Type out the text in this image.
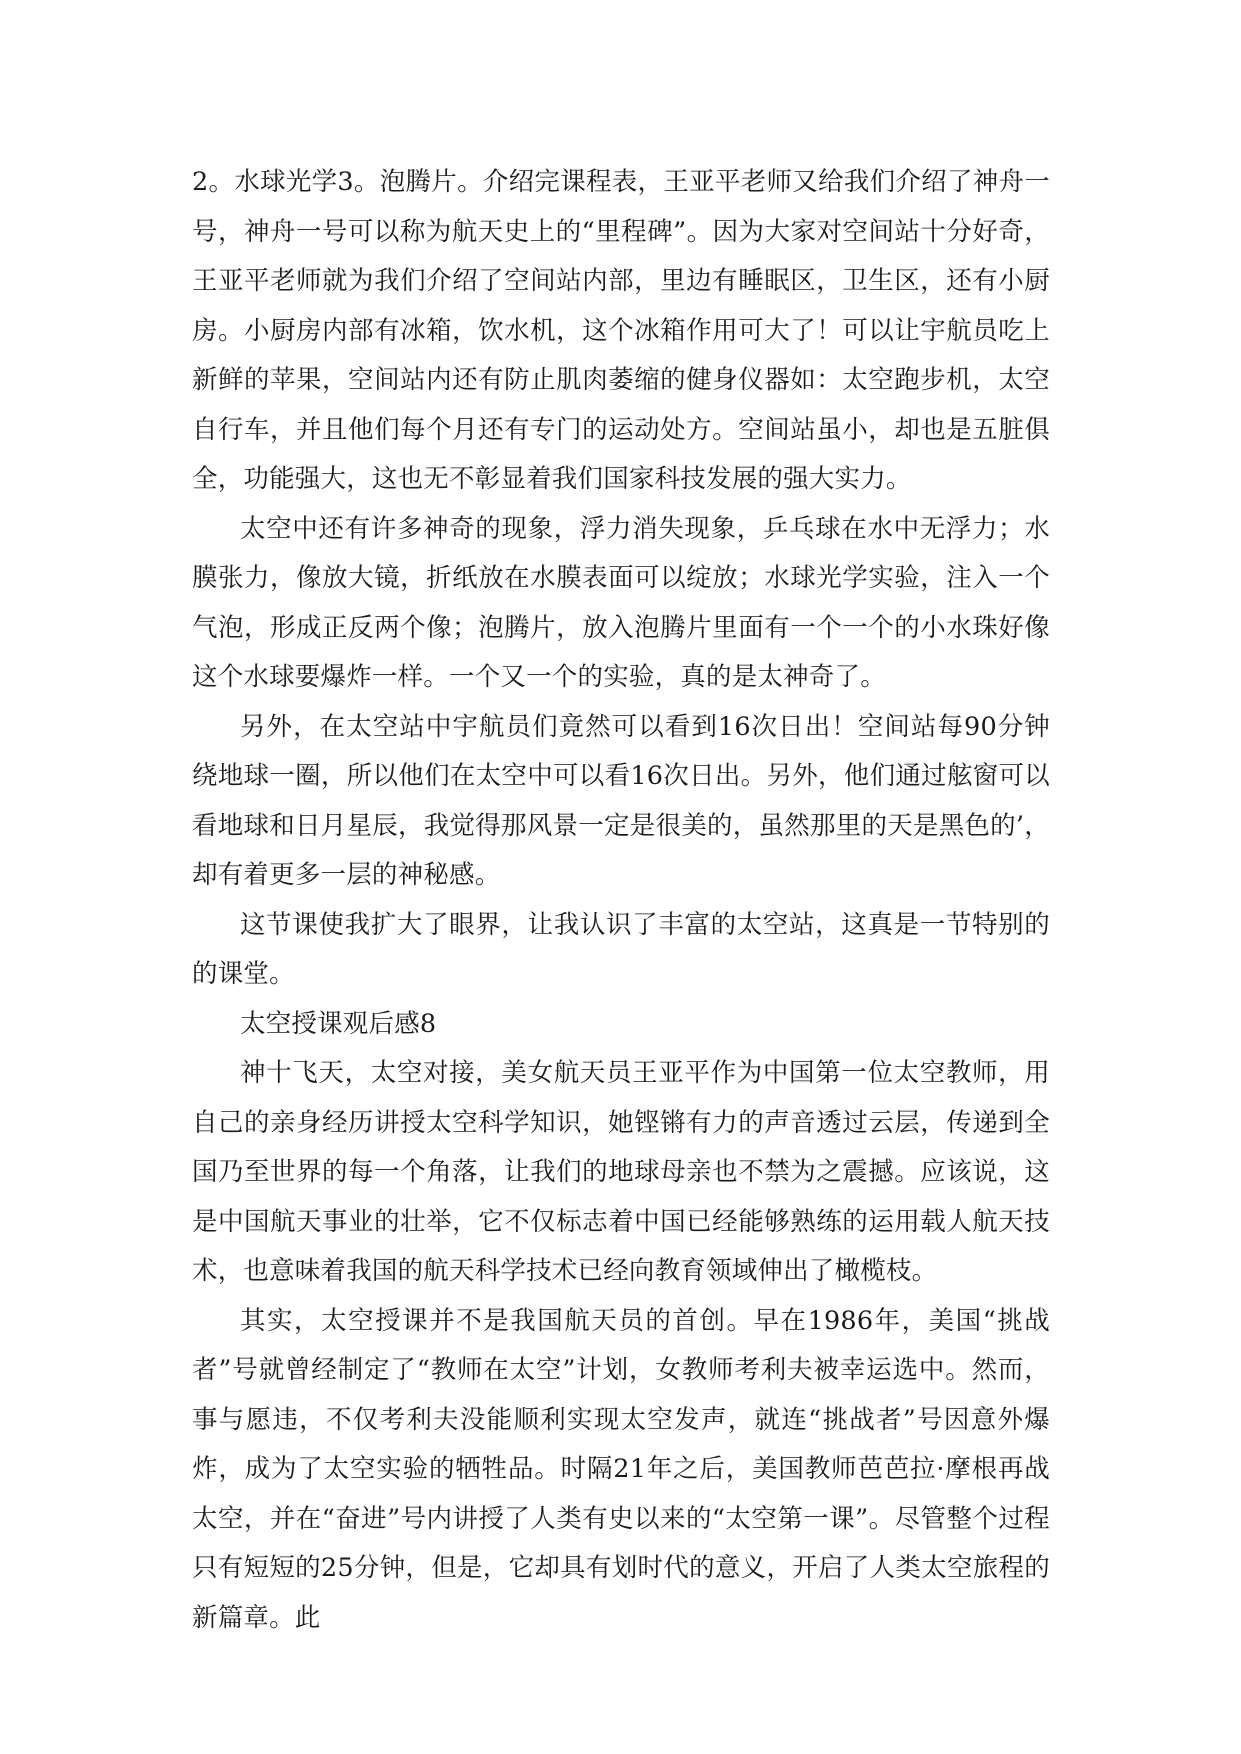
2。水球光学3。泡腾片。介绍完课程表，王亚平老师又给我们介绍了神舟一号，神舟一号可以称为航天史上的“里程碑”。因为大家对空间站十分好奇，王亚平老师就为我们介绍了空间站内部，里边有睡眠区，卫生区，还有小厨房。小厨房内部有冰箱，饮水机，这个冰箱作用可大了！可以让宇航员吃上新鲜的苹果，空间站内还有防止肌肉萎缩的健身仪器如：太空跑步机，太空自行车，并且他们每个月还有专门的运动处方。空间站虽小，却也是五脏俱全，功能强大，这也无不彰显着我们国家科技发展的强大实力。

太空中还有许多神奇的现象，浮力消失现象，乒乓球在水中无浮力；水膜张力，像放大镜，折纸放在水膜表面可以绽放；水球光学实验，注入一个气泡，形成正反两个像；泡腾片，放入泡腾片里面有一个一个的小水珠好像这个水球要爆炸一样。一个又一个的实验，真的是太神奇了。

另外，在太空站中宇航员们竟然可以看到16次日出！空间站每90分钟绕地球一圈，所以他们在太空中可以看16次日出。另外，他们通过舷窗可以看地球和日月星辰，我觉得那风景一定是很美的，虽然那里的天是黑色的’，却有着更多一层的神秘感。

这节课使我扩大了眼界，让我认识了丰富的太空站，这真是一节特别的的课堂。

太空授课观后感8

神十飞天，太空对接，美女航天员王亚平作为中国第一位太空教师，用自己的亲身经历讲授太空科学知识，她铿锵有力的声音透过云层，传递到全国乃至世界的每一个角落，让我们的地球母亲也不禁为之震撼。应该说，这是中国航天事业的壮举，它不仅标志着中国已经能够熟练的运用载人航天技术，也意味着我国的航天科学技术已经向教育领域伸出了橄榄枝。

其实，太空授课并不是我国航天员的首创。早在1986年，美国“挑战者”号就曾经制定了“教师在太空”计划，女教师考利夫被幸运选中。然而，事与愿违，不仅考利夫没能顺利实现太空发声，就连“挑战者”号因意外爆炸，成为了太空实验的牺牲品。时隔21年之后，美国教师芭芭拉·摩根再战太空，并在“奋进”号内讲授了人类有史以来的“太空第一课”。尽管整个过程只有短短的25分钟，但是，它却具有划时代的意义，开启了人类太空旅程的新篇章。此
